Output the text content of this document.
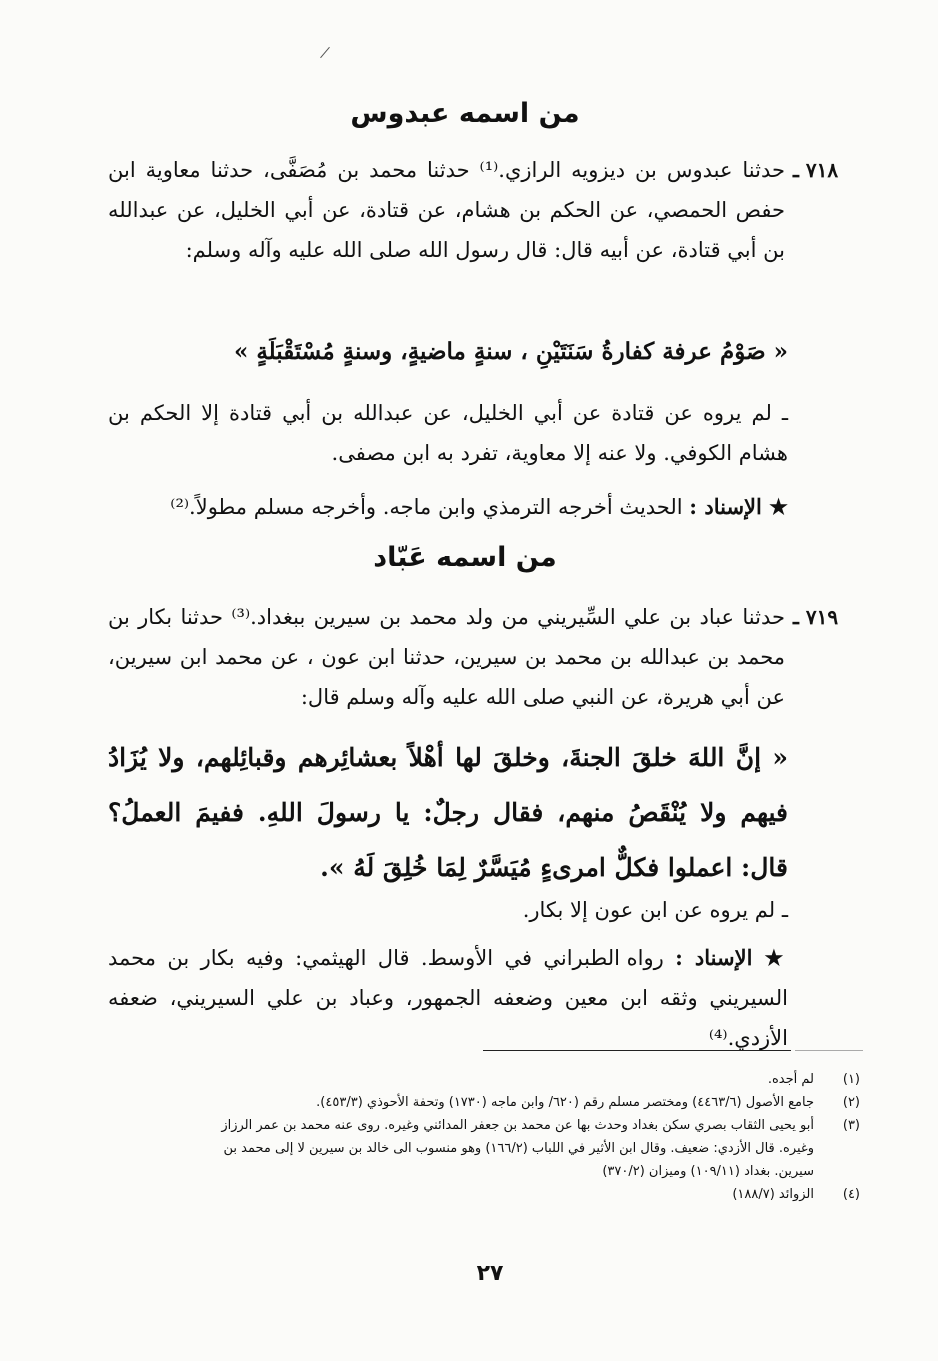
من اسمه عبدوس
٧١٨ ـ
حدثنا عبدوس بن ديزويه الرازي.⁽¹⁾ حدثنا محمد بن مُصَفَّى، حدثنا معاوية ابن حفص الحمصي، عن الحكم بن هشام، عن قتادة، عن أبي الخليل، عن عبدالله بن أبي قتادة، عن أبيه قال: قال رسول الله صلى الله عليه وآله وسلم:
« صَوْمُ عرفة كفارةُ سَنَتَيْنِ ، سنةٍ ماضيةٍ، وسنةٍ مُسْتَقْبَلَةٍ »
ـ لم يروه عن قتادة عن أبي الخليل، عن عبدالله بن أبي قتادة إلا الحكم بن هشام الكوفي. ولا عنه إلا معاوية، تفرد به ابن مصفى.
★ الإسناد : الحديث أخرجه الترمذي وابن ماجه. وأخرجه مسلم مطولاً.⁽²⁾
من اسمه عَبّاد
٧١٩ ـ
حدثنا عباد بن علي السِّيريني من ولد محمد بن سيرين ببغداد.⁽³⁾ حدثنا بكار بن محمد بن عبدالله بن محمد بن سيرين، حدثنا ابن عون ، عن محمد ابن سيرين، عن أبي هريرة، عن النبي صلى الله عليه وآله وسلم قال:
« إنَّ اللهَ خلقَ الجنةَ، وخلقَ لها أهْلاً بعشائِرهم وقبائِلهم، ولا يُزَادُ فيهم ولا يُنْقَصُ منهم، فقال رجلٌ: يا رسولَ اللهِ. ففيمَ العملُ؟ قال: اعملوا فكلٌّ امرىءٍ مُيَسَّرٌ لِمَا خُلِقَ لَهُ ».
ـ لم يروه عن ابن عون إلا بكار.
★ الإسناد : رواه الطبراني في الأوسط. قال الهيثمي: وفيه بكار بن محمد السيريني وثقه ابن معين وضعفه الجمهور، وعباد بن علي السيريني، ضعفه الأزدي.⁽⁴⁾
(١)
لم أجده.
(٢)
جامع الأصول (٤٤٦٣/٦) ومختصر مسلم رقم (٦٢٠/ وابن ماجه (١٧٣٠) وتحفة الأحوذي (٤٥٣/٣).
(٣)
أبو يحيى الثقاب بصري سكن بغداد وحدث بها عن محمد بن جعفر المدائني وغيره. روى عنه محمد بن عمر الرزاز وغيره. قال الأزدي: ضعيف. وقال ابن الأثير في اللباب (١٦٦/٢) وهو منسوب الى خالد بن سيرين لا إلى محمد بن سيرين. بغداد (١٠٩/١١) وميزان (٣٧٠/٢)
(٤)
الزوائد (١٨٨/٧)
٢٧
